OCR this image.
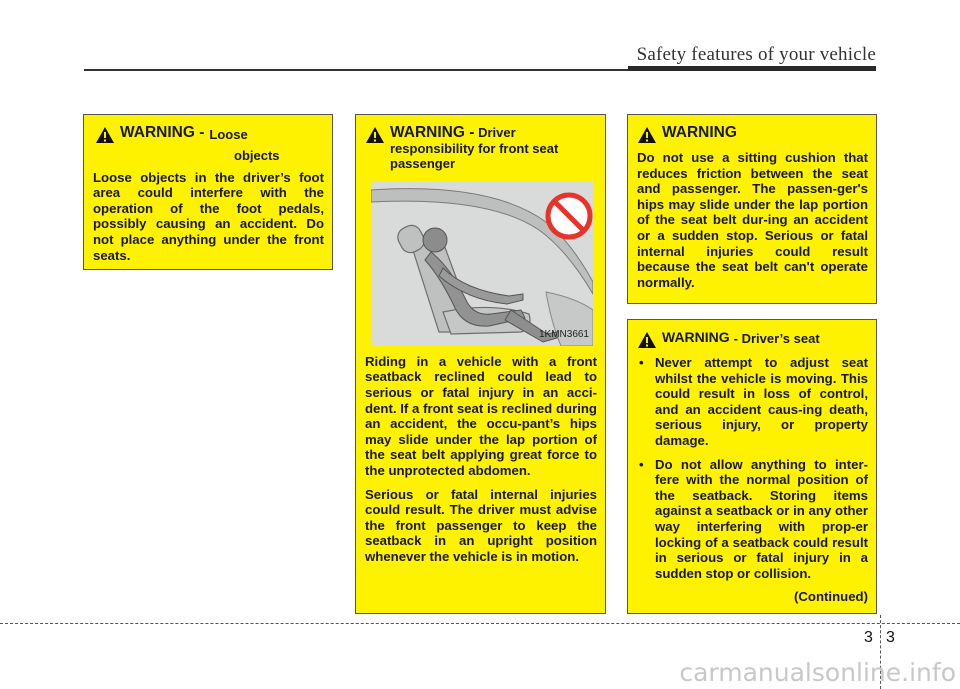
Safety features of your vehicle
WARNING - Loose
objects
Loose objects in the driver’s foot area could interfere with the operation of the foot pedals, possibly causing an accident. Do not place anything under the front seats.
WARNING - Driver responsibility for front seat passenger
1KMN3661

Riding in a vehicle with a front seatback reclined could lead to serious or fatal injury in an acci-dent. If a front seat is reclined during an accident, the occu-pant’s hips may slide under the lap portion of the seat belt applying great force to the unprotected abdomen.

Serious or fatal internal injuries could result. The driver must advise the front passenger to keep the seatback in an upright position whenever the vehicle is in motion.

WARNING
Do not use a sitting cushion that reduces friction between the seat and passenger. The passen-ger's hips may slide under the lap portion of the seat belt dur-ing an accident or a sudden stop. Serious or fatal internal injuries could result because the seat belt can't operate normally.
WARNING - Driver’s seat
• Never attempt to adjust seat whilst the vehicle is moving. This could result in loss of control, and an accident caus-ing death, serious injury, or property damage.
• Do not allow anything to inter-fere with the normal position of the seatback. Storing items against a seatback or in any other way interfering with prop-er locking of a seatback could result in serious or fatal injury in a sudden stop or collision.
(Continued)
3 3
carmanualsonline.info
